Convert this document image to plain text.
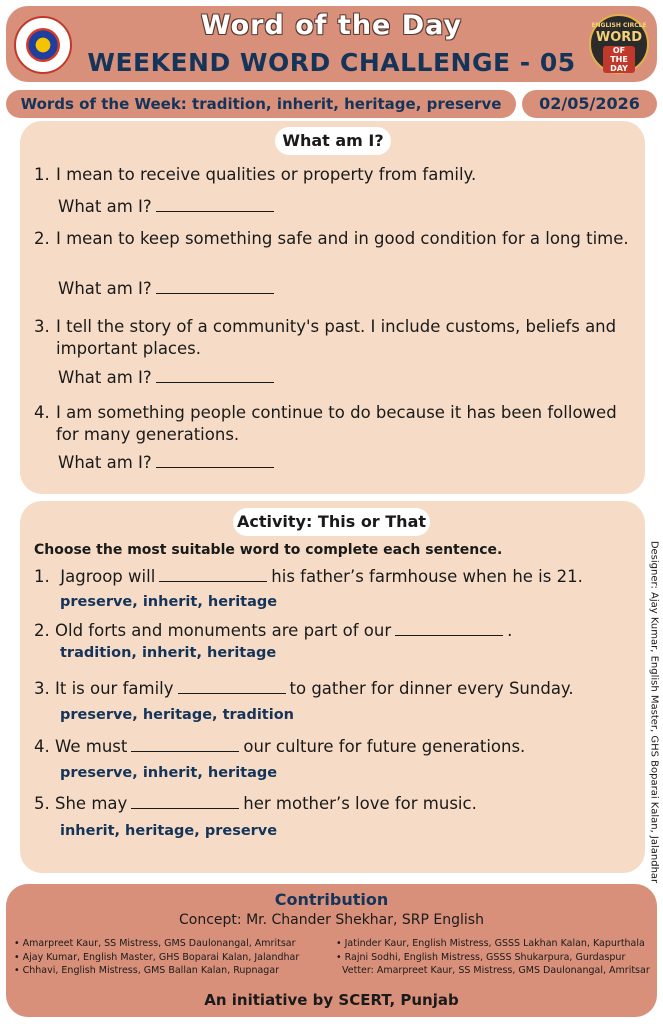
Word of the Day
WEEKEND WORD CHALLENGE - 05
ENGLISH CIRCLE
WORD
OF THE DAY
Words of the Week: tradition, inherit, heritage, preserve	02/05/2026
What am I?
1. I mean to receive qualities or property from family.
What am I?
2. I mean to keep something safe and in good condition for a long time.
What am I?
3. I tell the story of a community's past. I include customs, beliefs and important places.
What am I?
4. I am something people continue to do because it has been followed for many generations.
What am I?
Activity: This or That
Choose the most suitable word to complete each sentence.
1. Jagroop will	his father’s farmhouse when he is 21.
preserve, inherit, heritage
2. Old forts and monuments are part of our	.
tradition, inherit, heritage
3. It is our family	to gather for dinner every Sunday.
preserve, heritage, tradition
4. We must	our culture for future generations.
preserve, inherit, heritage
5. She may	her mother’s love for music.
inherit, heritage, preserve	Designer: Ajay Kumar, English Master, GHS Boparai Kalan, Jalandhar
Contribution
Concept: Mr. Chander Shekhar, SRP English
• Amarpreet Kaur, SS Mistress, GMS Daulonangal, Amritsar
• Ajay Kumar, English Master, GHS Boparai Kalan, Jalandhar
• Chhavi, English Mistress, GMS Ballan Kalan, Rupnagar
• Jatinder Kaur, English Mistress, GSSS Lakhan Kalan, Kapurthala
• Rajni Sodhi, English Mistress, GSSS Shukarpura, Gurdaspur
Vetter: Amarpreet Kaur, SS Mistress, GMS Daulonangal, Amritsar
An initiative by SCERT, Punjab
